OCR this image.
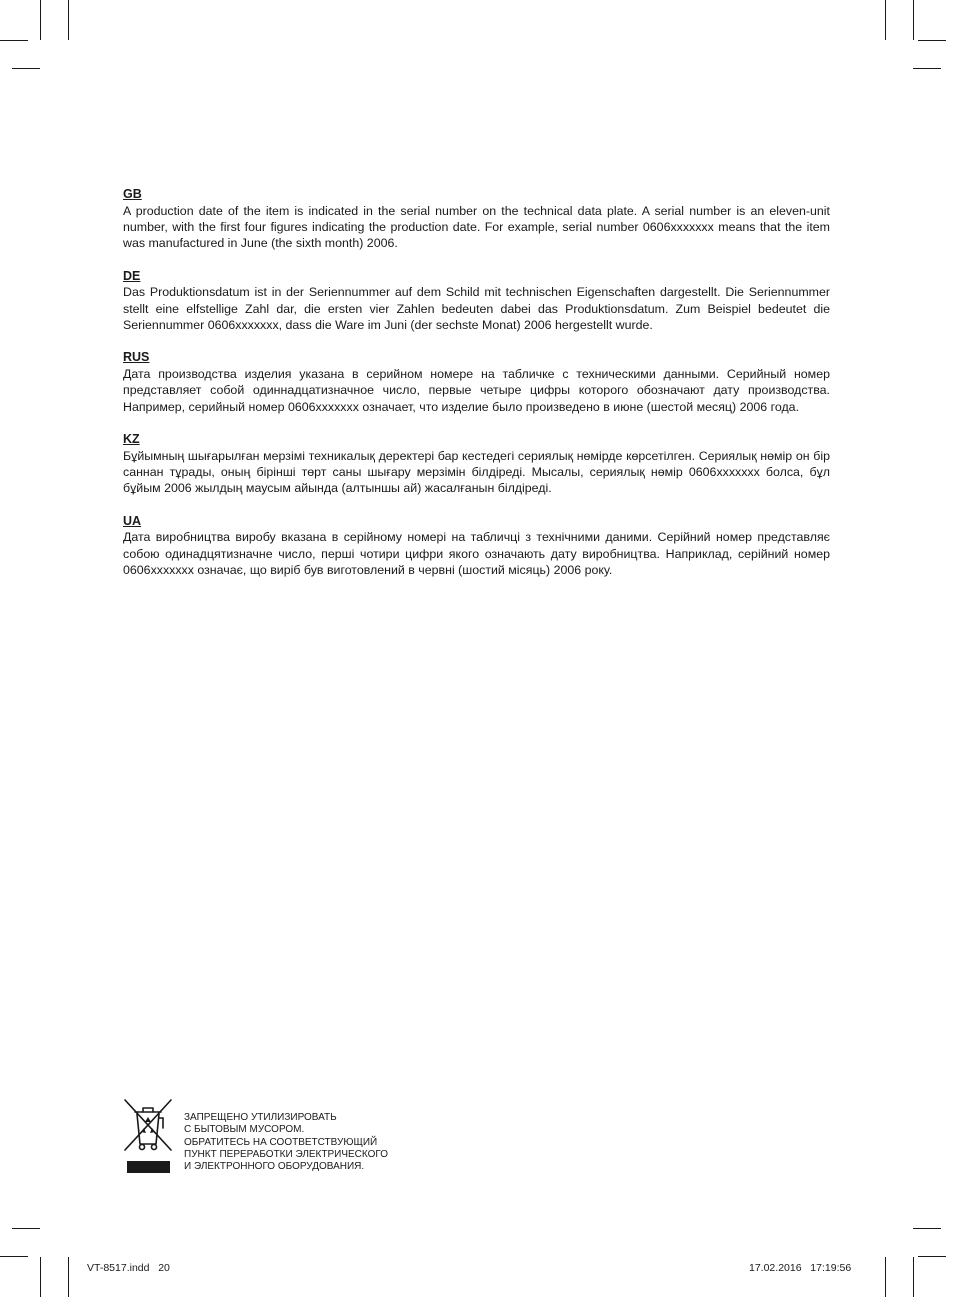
GB

A production date of the item is indicated in the serial number on the technical data plate. A serial number is an eleven-unit number, with the first four figures indicating the production date. For example, serial number 0606xxxxxxx means that the item was manufactured in June (the sixth month) 2006.

DE

Das Produktionsdatum ist in der Seriennummer auf dem Schild mit technischen Eigenschaften dargestellt. Die Seriennummer stellt eine elfstellige Zahl dar, die ersten vier Zahlen bedeuten dabei das Produktionsdatum. Zum Beispiel bedeutet die Seriennummer 0606xxxxxxx, dass die Ware im Juni (der sechste Monat) 2006 hergestellt wurde.

RUS

Дата производства изделия указана в серийном номере на табличке с техническими данными. Серийный номер представляет собой одиннадцатизначное число, первые четыре цифры которого обозначают дату производства. Например, серийный номер 0606xxxxxxx означает, что изделие было произведено в июне (шестой месяц) 2006 года.

KZ

Бұйымның шығарылған мерзімі техникалық деректері бар кестедегі сериялық нөмірде көрсетілген. Сериялық нөмір он бір саннан тұрады, оның бірінші төрт саны шығару мерзімін білдіреді. Мысалы, сериялық нөмір 0606xxxxxxx болса, бұл бұйым 2006 жылдың маусым айында (алтыншы ай) жасалғанын білдіреді.

UA

Дата виробництва виробу вказана в серійному номері на табличці з технічними даними. Серійний номер представляє собою одинадцятизначне число, перші чотири цифри якого означають дату виробництва. Наприклад, серійний номер 0606xxxxxxx означає, що виріб був виготовлений в червні (шостий місяць) 2006 року.

ЗАПРЕЩЕНО УТИЛИЗИРОВАТЬ
С БЫТОВЫМ МУСОРОМ.
ОБРАТИТЕСЬ НА СООТВЕТСТВУЮЩИЙ
ПУНКТ ПЕРЕРАБОТКИ ЭЛЕКТРИЧЕСКОГО
И ЭЛЕКТРОННОГО ОБОРУДОВАНИЯ.
VT-8517.indd   20	17.02.2016   17:19:56
